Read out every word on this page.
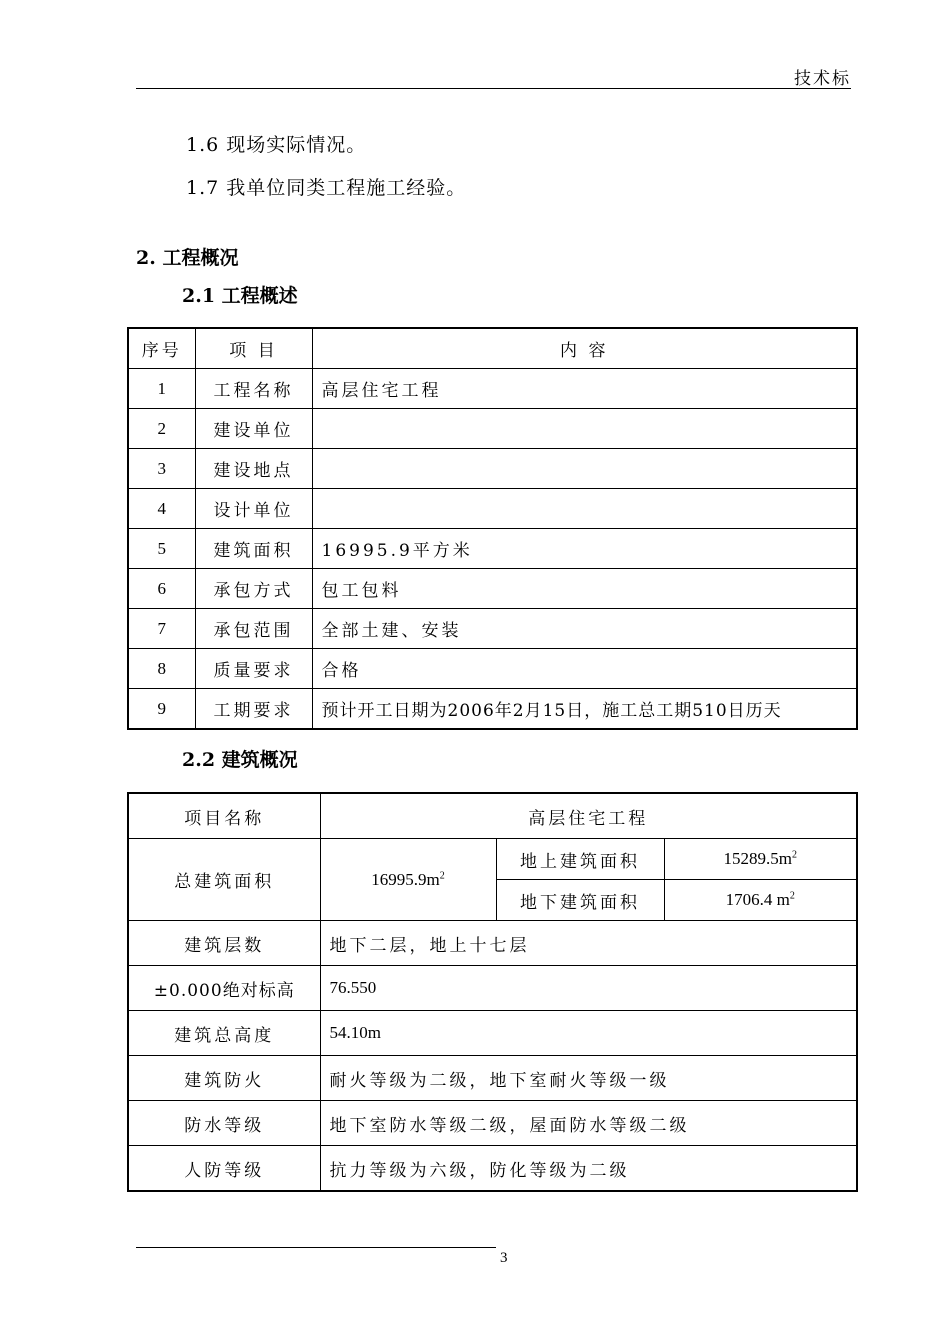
技术标
1.6 现场实际情况。
1.7 我单位同类工程施工经验。
2. 工程概况
2.1 工程概述
序号	项 目	内 容
1	工程名称	高层住宅工程
2	建设单位	
3	建设地点	
4	设计单位	
5	建筑面积	16995.9平方米
6	承包方式	包工包料
7	承包范围	全部土建、安装
8	质量要求	合格
9	工期要求	预计开工日期为2006年2月15日，施工总工期510日历天
2.2 建筑概况
项目名称	高层住宅工程		
总建筑面积	$16995.9m^2$	地上建筑面积	$15289.5m^2$
		地下建筑面积	1706.4 $m^2$
建筑层数	地下二层，地上十七层		
±0.000绝对标高	76.550		
建筑总高度	54.10m		
建筑防火	耐火等级为二级，地下室耐火等级一级		
防水等级	地下室防水等级二级，屋面防水等级二级		
人防等级	抗力等级为六级，防化等级为二级		
3
